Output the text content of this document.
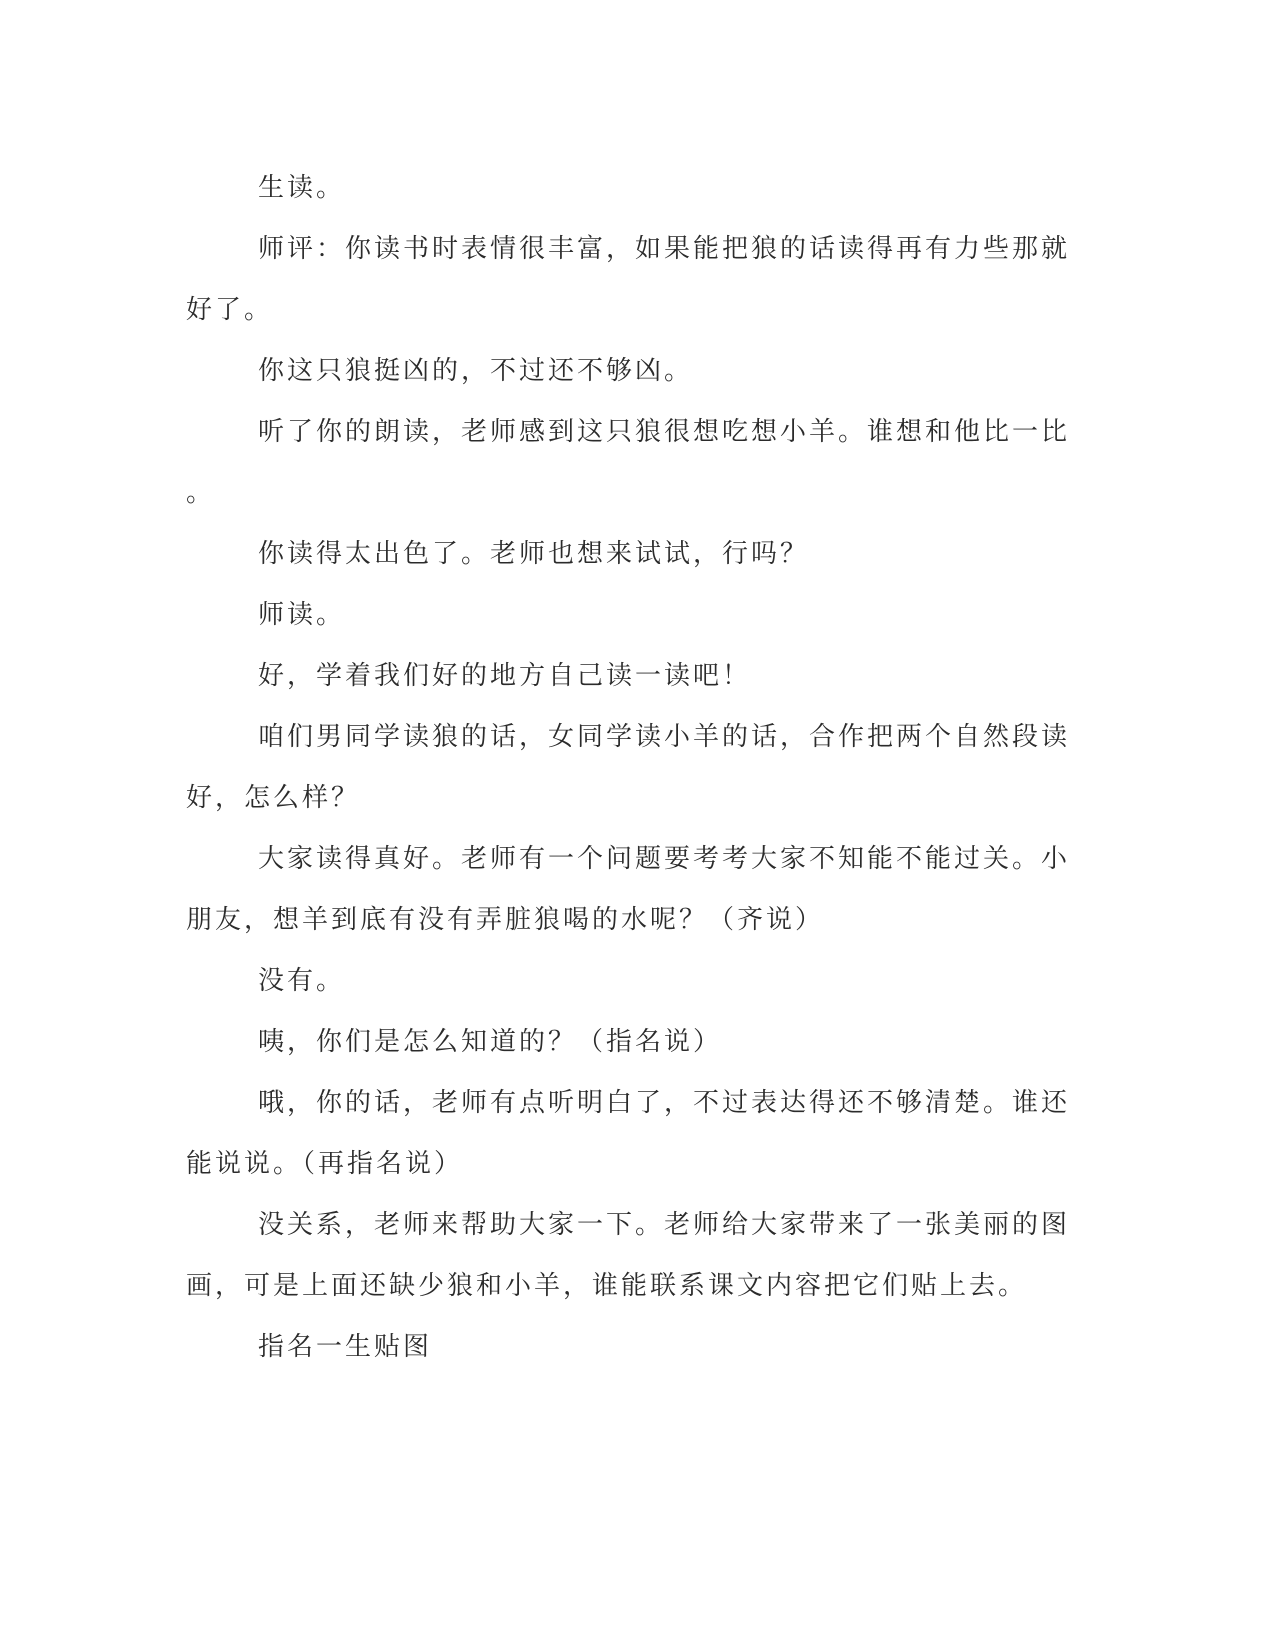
生读。

师评：你读书时表情很丰富，如果能把狼的话读得再有力些那就好了。

你这只狼挺凶的，不过还不够凶。

听了你的朗读，老师感到这只狼很想吃想小羊。谁想和他比一比。

你读得太出色了。老师也想来试试，行吗？

师读。

好，学着我们好的地方自己读一读吧！

咱们男同学读狼的话，女同学读小羊的话，合作把两个自然段读好，怎么样？

大家读得真好。老师有一个问题要考考大家不知能不能过关。小朋友，想羊到底有没有弄脏狼喝的水呢？（齐说）

没有。

咦，你们是怎么知道的？（指名说）

哦，你的话，老师有点听明白了，不过表达得还不够清楚。谁还能说说。（再指名说）

没关系，老师来帮助大家一下。老师给大家带来了一张美丽的图画，可是上面还缺少狼和小羊，谁能联系课文内容把它们贴上去。

指名一生贴图
